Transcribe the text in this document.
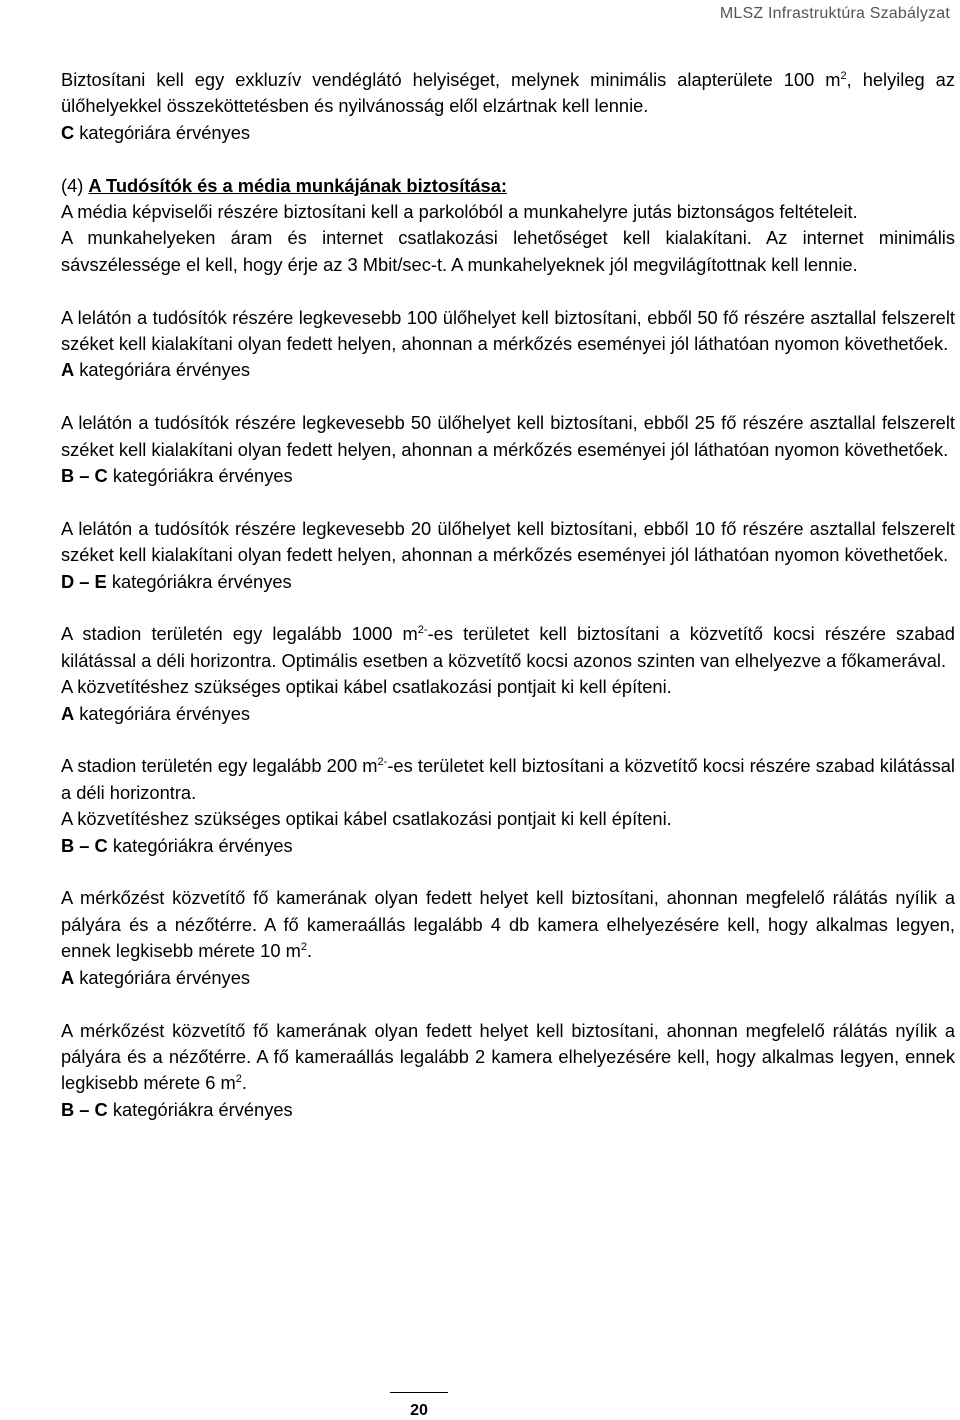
MLSZ Infrastruktúra Szabályzat

Biztosítani kell egy exkluzív vendéglátó helyiséget, melynek minimális alapterülete 100 $m^2$, helyileg az ülőhelyekkel összeköttetésben és nyilvánosság elől elzártnak kell lennie.

C kategóriára érvényes

(4) A Tudósítók és a média munkájának biztosítása:

A média képviselői részére biztosítani kell a parkolóból a munkahelyre jutás biztonságos feltételeit.

A munkahelyeken áram és internet csatlakozási lehetőséget kell kialakítani. Az internet minimális sávszélessége el kell, hogy érje az 3 Mbit/sec-t. A munkahelyeknek jól megvilágítottnak kell lennie.

A lelátón a tudósítók részére legkevesebb 100 ülőhelyet kell biztosítani, ebből 50 fő részére asztallal felszerelt széket kell kialakítani olyan fedett helyen, ahonnan a mérkőzés eseményei jól láthatóan nyomon követhetőek.

A kategóriára érvényes

A lelátón a tudósítók részére legkevesebb 50 ülőhelyet kell biztosítani, ebből 25 fő részére asztallal felszerelt széket kell kialakítani olyan fedett helyen, ahonnan a mérkőzés eseményei jól láthatóan nyomon követhetőek.

B – C kategóriákra érvényes

A lelátón a tudósítók részére legkevesebb 20 ülőhelyet kell biztosítani, ebből 10 fő részére asztallal felszerelt széket kell kialakítani olyan fedett helyen, ahonnan a mérkőzés eseményei jól láthatóan nyomon követhetőek.

D – E kategóriákra érvényes

A stadion területén egy legalább 1000 $m^{2-}-es$ területet kell biztosítani a közvetítő kocsi részére szabad kilátással a déli horizontra. Optimális esetben a közvetítő kocsi azonos szinten van elhelyezve a főkamerával.

A közvetítéshez szükséges optikai kábel csatlakozási pontjait ki kell építeni.

A kategóriára érvényes

A stadion területén egy legalább 200 $m^{2-}-es$ területet kell biztosítani a közvetítő kocsi részére szabad kilátással a déli horizontra.

A közvetítéshez szükséges optikai kábel csatlakozási pontjait ki kell építeni.

B – C kategóriákra érvényes

A mérkőzést közvetítő fő kamerának olyan fedett helyet kell biztosítani, ahonnan megfelelő rálátás nyílik a pályára és a nézőtérre. A fő kameraállás legalább 4 db kamera elhelyezésére kell, hogy alkalmas legyen, ennek legkisebb mérete 10 $m^2$.

A kategóriára érvényes

A mérkőzést közvetítő fő kamerának olyan fedett helyet kell biztosítani, ahonnan megfelelő rálátás nyílik a pályára és a nézőtérre. A fő kameraállás legalább 2 kamera elhelyezésére kell, hogy alkalmas legyen, ennek legkisebb mérete 6 $m^2$.

B – C kategóriákra érvényes

20
